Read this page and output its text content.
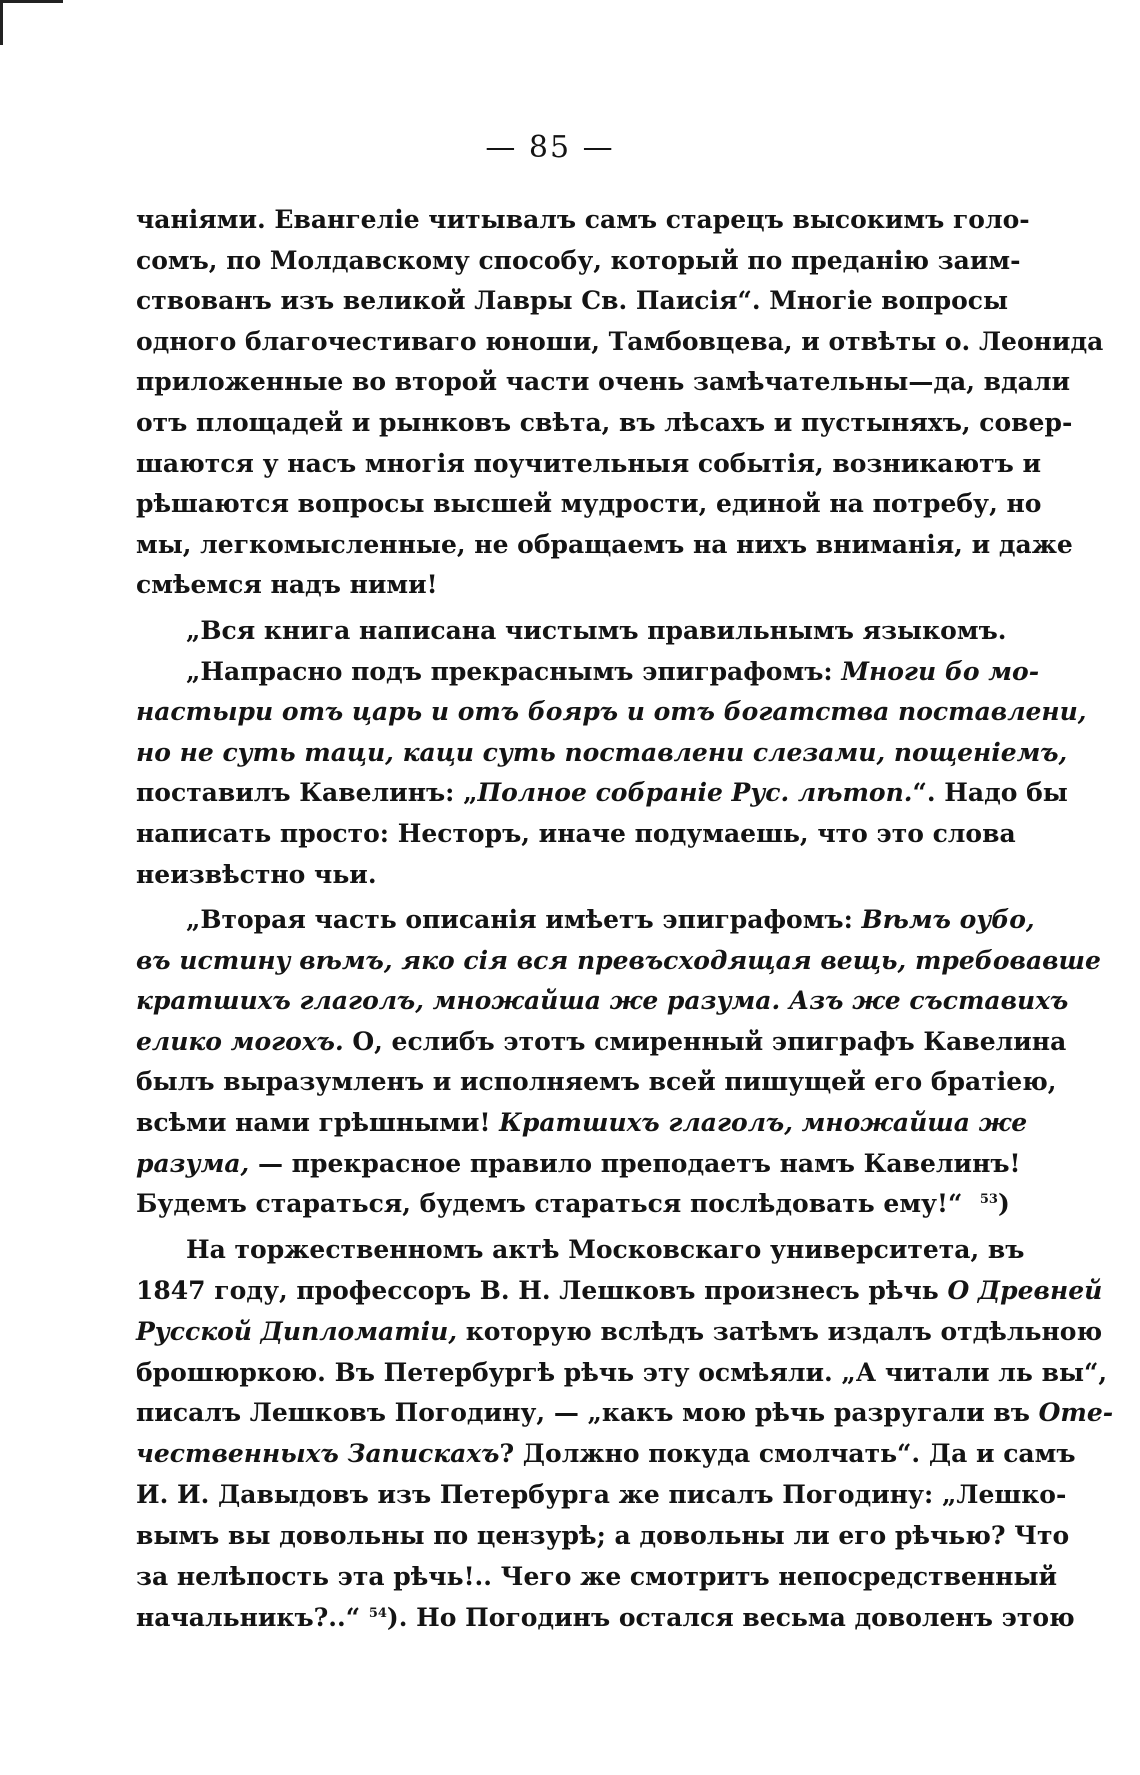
— 85 —
чаніями. Евангеліе читывалъ самъ старецъ высокимъ голо-
сомъ, по Молдавскому способу, который по преданію заим-
ствованъ изъ великой Лавры Св. Паисія“. Многіе вопросы
одного благочестиваго юноши, Тамбовцева, и отвѣты о. Леонида
приложенные во второй части очень замѣчательны—да, вдали
отъ площадей и рынковъ свѣта, въ лѣсахъ и пустыняхъ, совер-
шаются у насъ многія поучительныя событія, возникаютъ и
рѣшаются вопросы высшей мудрости, единой на потребу, но
мы, легкомысленные, не обращаемъ на нихъ вниманія, и даже
смѣемся надъ ними!
„Вся книга написана чистымъ правильнымъ языкомъ.
„Напрасно подъ прекраснымъ эпиграфомъ: Многи бо мо-
настыри отъ царь и отъ бояръ и отъ богатства поставлени,
но не суть таци, каци суть поставлени слезами, пощеніемъ,
поставилъ Кавелинъ: „Полное собраніе Рус. лѣтоп.“. Надо бы
написать просто: Несторъ, иначе подумаешь, что это слова
неизвѣстно чьи.
„Вторая часть описанія имѣетъ эпиграфомъ: Вѣмъ оубо,
въ истину вѣмъ, яко сія вся превъсходящая вещь, требовавше
кратшихъ глаголъ, множайша же разума. Азъ же съставихъ
елико могохъ. О, еслибъ этотъ смиренный эпиграфъ Кавелина
былъ выразумленъ и исполняемъ всей пишущей его братіею,
всѣми нами грѣшными! Кратшихъ глаголъ, множайша же
разума, — прекрасное правило преподаетъ намъ Кавелинъ!
Будемъ стараться, будемъ стараться послѣдовать ему!“ $^{53}$)
На торжественномъ актѣ Московскаго университета, въ
1847 году, профессоръ В. Н. Лешковъ произнесъ рѣчь О Древней
Русской Дипломатіи, которую вслѣдъ затѣмъ издалъ отдѣльною
брошюркою. Въ Петербургѣ рѣчь эту осмѣяли. „А читали ль вы“,
писалъ Лешковъ Погодину, — „какъ мою рѣчь разругали въ Оте-
чественныхъ Запискахъ? Должно покуда смолчать“. Да и самъ
И. И. Давыдовъ изъ Петербурга же писалъ Погодину: „Лешко-
вымъ вы довольны по цензурѣ; а довольны ли его рѣчью? Что
за нелѣпость эта рѣчь!.. Чего же смотритъ непосредственный
начальникъ?..“ $^{54}$). Но Погодинъ остался весьма доволенъ этою
